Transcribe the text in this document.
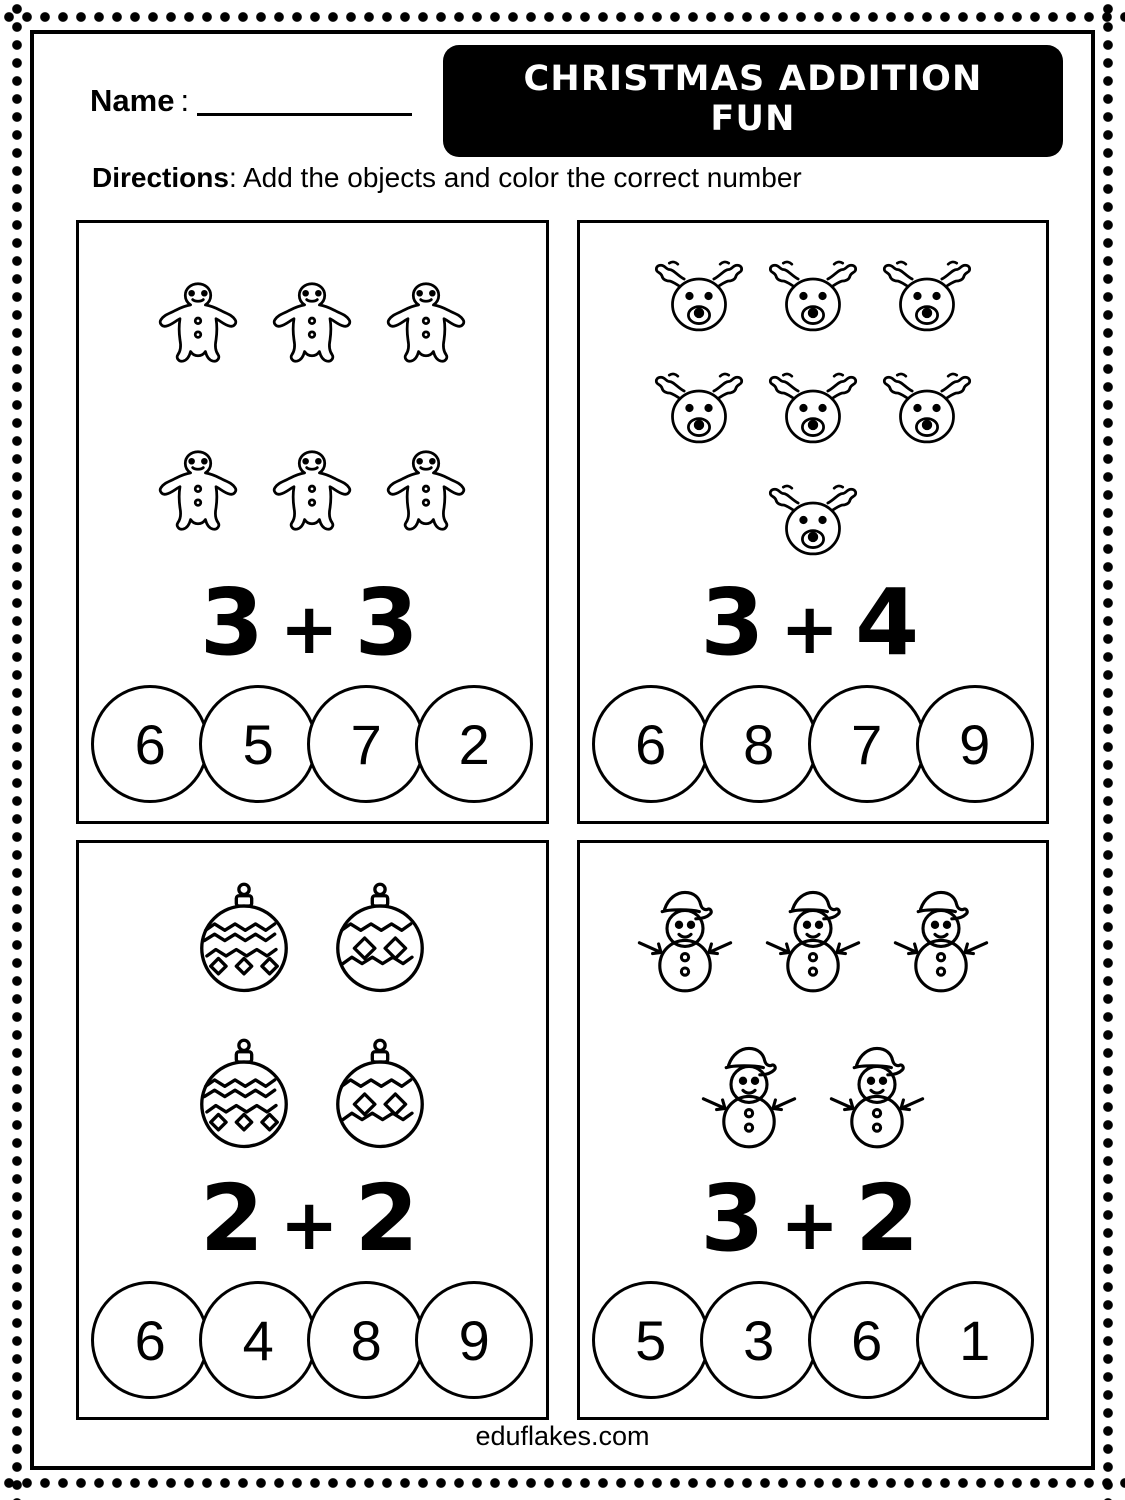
Name :
CHRISTMAS ADDITION FUN
Directions: Add the objects and color the correct number
3 + 3
6	5	7	2
3 + 4
6	8	7	9
2 + 2
6	4	8	9
3 + 2
5	3	6	1
eduflakes.com
